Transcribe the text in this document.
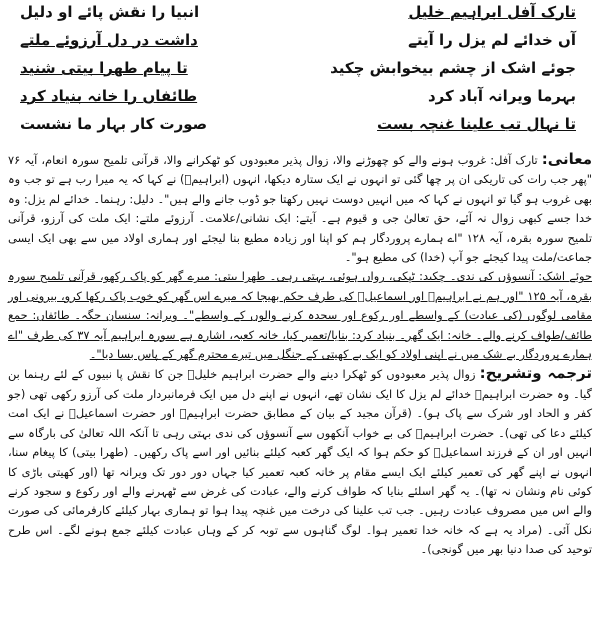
تارک آفل ابراہیم خلیل
انبیا را نقش پائے او دلیل
آں خدائے لم یزل را آیتے
داشت در دل آرزوئے ملتے
جوئے اشک از چشم بیخوابش چکید
تا پیام طھرا بیتی شنید
بہرما ویرانہ آباد کرد
طائفاں را خانہ بنیاد کرد
تا نہال تب علینا غنچہ بست
صورت کار بہار ما نشست

معانی: تارک آفل: غروب ہونے والے کو چھوڑنے والا، زوال پذیر معبودوں کو ٹھکرانے والا، قرآنی تلمیح سورہ انعام، آیہ ۷۶ "پھر جب رات کی تاریکی ان پر چھا گئی تو انہوں نے ایک ستارہ دیکھا، انہوں (ابراہیمؑ) نے کہا کہ یہ میرا رب ہے تو جب وہ بھی غروب ہو گیا تو انہوں نے کہا کہ میں انہیں دوست نہیں رکھتا جو ڈوب جانے والے ہیں"۔ دلیل: رہنما۔ خدائے لم یزل: وہ خدا جسے کبھی زوال نہ آئے، حق تعالیٰ جی و قیوم ہے۔ آیتے: ایک نشانی/علامت۔ آرزوئے ملتے: ایک ملت کی آرزو، قرآنی تلمیح سورہ بقرہ، آیہ ۱۲۸ "اے ہمارے پروردگار ہم کو اپنا اور زیادہ مطیع بنا لیجئے اور ہماری اولاد میں سے بھی ایک ایسی جماعت/ملت پیدا کیجئے جو آپ (خدا) کی مطیع ہو"۔

جوئے اشک: آنسوؤں کی ندی۔ چکید: ٹپکی، رواں ہوئی، بہتی رہی۔ طھرا بیتی: میرے گھر کو پاک رکھو، قرآنی تلمیح سورہ بقرہ، آیہ ۱۲۵ "اور ہم نے ابراہیمؑ اور اسماعیلؑ کی طرف حکم بھیجا کہ میرے اس گھر کو خوب پاک رکھا کرو، بیرونی اور مقامی لوگوں (کی عبادت) کے واسطے اور رکوع اور سجدہ کرنے والوں کے واسطے"۔ ویرانہ: سنسان جگہ۔ طائفاں: جمع طائف/طواف کرنے والے۔ خانہ: ایک گھر۔ بنیاد کرد: بنایا/تعمیر کیا، خانہ کعبہ، اشارہ ہے سورہ ابراہیم آیہ ۳۷ کی طرف "اے ہمارے پروردگار بے شک میں نے اپنی اولاد کو ایک بے کھیتی کے جنگل میں تیرے محترم گھر کے پاس بسا دیا"۔

ترجمہ وتشریح: زوال پذیر معبودوں کو ٹھکرا دینے والے حضرت ابراہیم خلیلؑ جن کا نقش پا نبیوں کے لئے رہنما بن گیا۔ وہ حضرت ابراہیمؑ خدائے لم یزل کا ایک نشان تھے، انہوں نے اپنے دل میں ایک فرمانبردار ملت کی آرزو رکھی تھی (جو کفر و الحاد اور شرک سے پاک ہو)۔ (قرآن مجید کے بیان کے مطابق حضرت ابراہیمؑ اور حضرت اسماعیلؑ نے ایک امت کیلئے دعا کی تھی)۔ حضرت ابراہیمؑ کی بے خواب آنکھوں سے آنسوؤں کی ندی بہتی رہی تا آنکہ اللہ تعالیٰ کی بارگاہ سے انہیں اور ان کے فرزند اسماعیلؑ کو حکم ہوا کہ ایک گھر کعبہ کیلئے بنائیں اور اسے پاک رکھیں۔ (طھرا بیتی) کا پیغام سنا، انہوں نے اپنے گھر کی تعمیر کیلئے ایک ایسے مقام پر خانہ کعبہ تعمیر کیا جہاں دور دور تک ویرانہ تھا (اور کھیتی باڑی کا کوئی نام ونشان نہ تھا)۔ یہ گھر اسلئے بنایا کہ طواف کرنے والے، عبادت کی غرض سے ٹھہرنے والے اور رکوع و سجود کرنے والے اس میں مصروف عبادت رہیں۔ جب تب علینا کی درخت میں غنچہ پیدا ہوا تو ہماری بہار کیلئے کارفرمائی کی صورت نکل آئی۔ (مراد یہ ہے کہ خانہ خدا تعمیر ہوا۔ لوگ گناہوں سے توبہ کر کے وہاں عبادت کیلئے جمع ہونے لگے۔ اس طرح توحید کی صدا دنیا بھر میں گونجی)۔
